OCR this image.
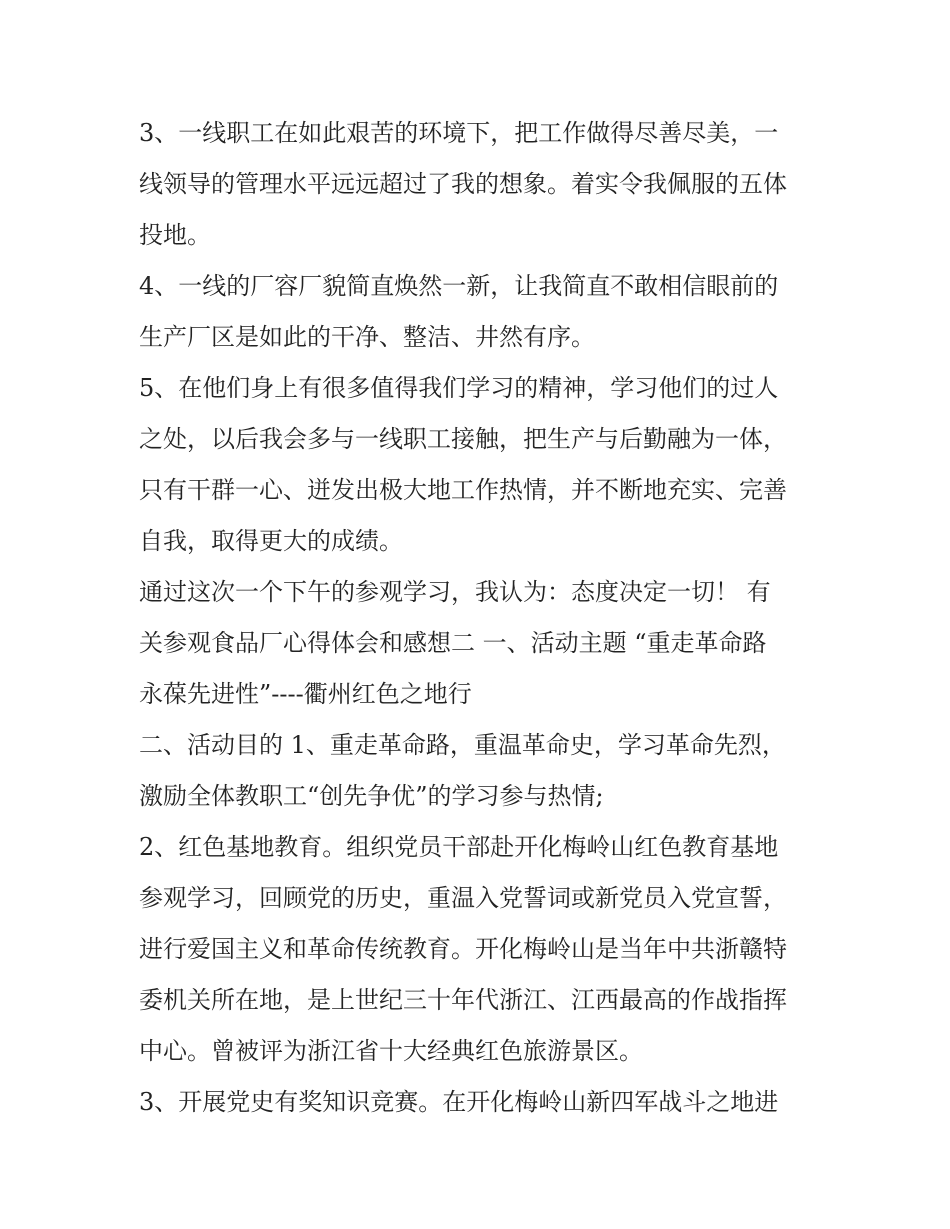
3、一线职工在如此艰苦的环境下，把工作做得尽善尽美，一
线领导的管理水平远远超过了我的想象。着实令我佩服的五体
投地。

4、一线的厂容厂貌简直焕然一新，让我简直不敢相信眼前的
生产厂区是如此的干净、整洁、井然有序。

5、在他们身上有很多值得我们学习的精神，学习他们的过人
之处，以后我会多与一线职工接触，把生产与后勤融为一体，
只有干群一心、迸发出极大地工作热情，并不断地充实、完善
自我，取得更大的成绩。

通过这次一个下午的参观学习，我认为：态度决定一切！ 有
关参观食品厂心得体会和感想二 一、活动主题 “重走革命路
永葆先进性”----衢州红色之地行

二、活动目的 1、重走革命路，重温革命史，学习革命先烈，
激励全体教职工“创先争优”的学习参与热情;

2、红色基地教育。组织党员干部赴开化梅岭山红色教育基地
参观学习，回顾党的历史，重温入党誓词或新党员入党宣誓，
进行爱国主义和革命传统教育。开化梅岭山是当年中共浙赣特
委机关所在地，是上世纪三十年代浙江、江西最高的作战指挥
中心。曾被评为浙江省十大经典红色旅游景区。

3、开展党史有奖知识竞赛。在开化梅岭山新四军战斗之地进
